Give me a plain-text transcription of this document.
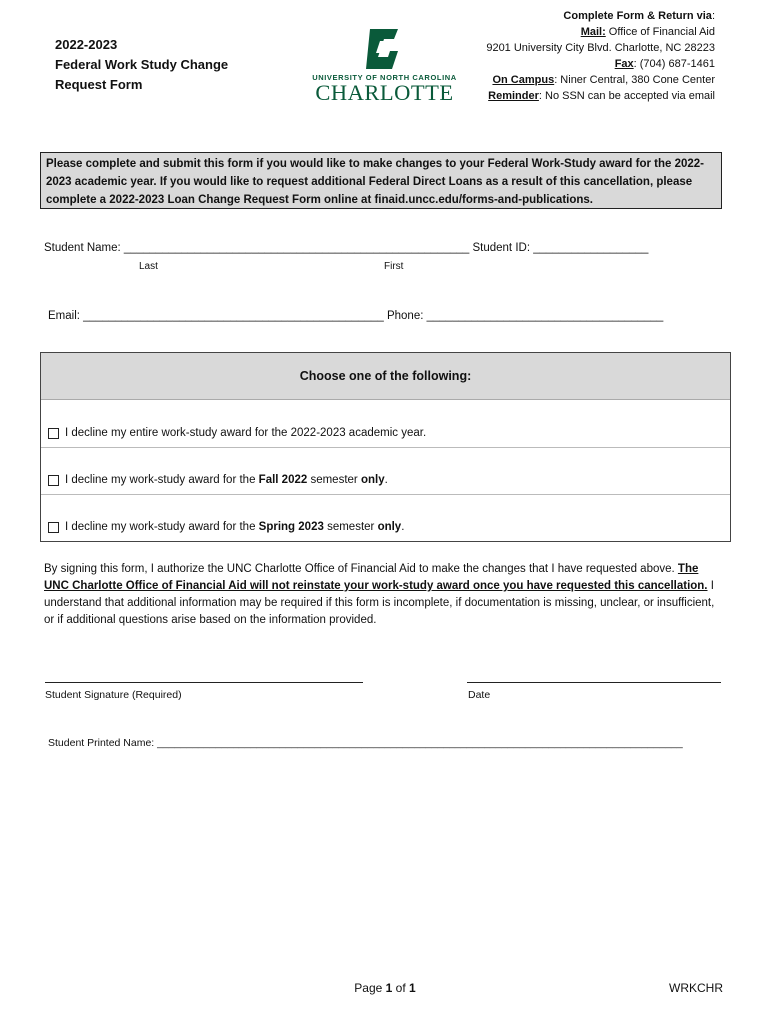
2022-2023
Federal Work Study Change
Request Form	UNIVERSITY OF NORTH CAROLINA
CHARLOTTE
Complete Form & Return via:
Mail: Office of Financial Aid
9201 University City Blvd. Charlotte, NC 28223
Fax: (704) 687-1461
On Campus: Niner Central, 380 Cone Center
Reminder: No SSN can be accepted via email
Please complete and submit this form if you would like to make changes to your Federal Work-Study award for the 2022-2023 academic year. If you would like to request additional Federal Direct Loans as a result of this cancellation, please complete a 2022-2023 Loan Change Request Form online at finaid.uncc.edu/forms-and-publications.
Student Name: ______________________________________________________ Student ID: __________________
Last	First
Email: _______________________________________________ Phone: _____________________________________
Choose one of the following:
I decline my entire work-study award for the 2022-2023 academic year.
I decline my work-study award for the Fall 2022 semester only.
I decline my work-study award for the Spring 2023 semester only.
By signing this form, I authorize the UNC Charlotte Office of Financial Aid to make the changes that I have requested above. The UNC Charlotte Office of Financial Aid will not reinstate your work-study award once you have requested this cancellation. I understand that additional information may be required if this form is incomplete, if documentation is missing, unclear, or insufficient, or if additional questions arise based on the information provided.
Student Signature (Required)	Date
Student Printed Name: __________________________________________________________________________________________
Page 1 of 1	WRKCHR
